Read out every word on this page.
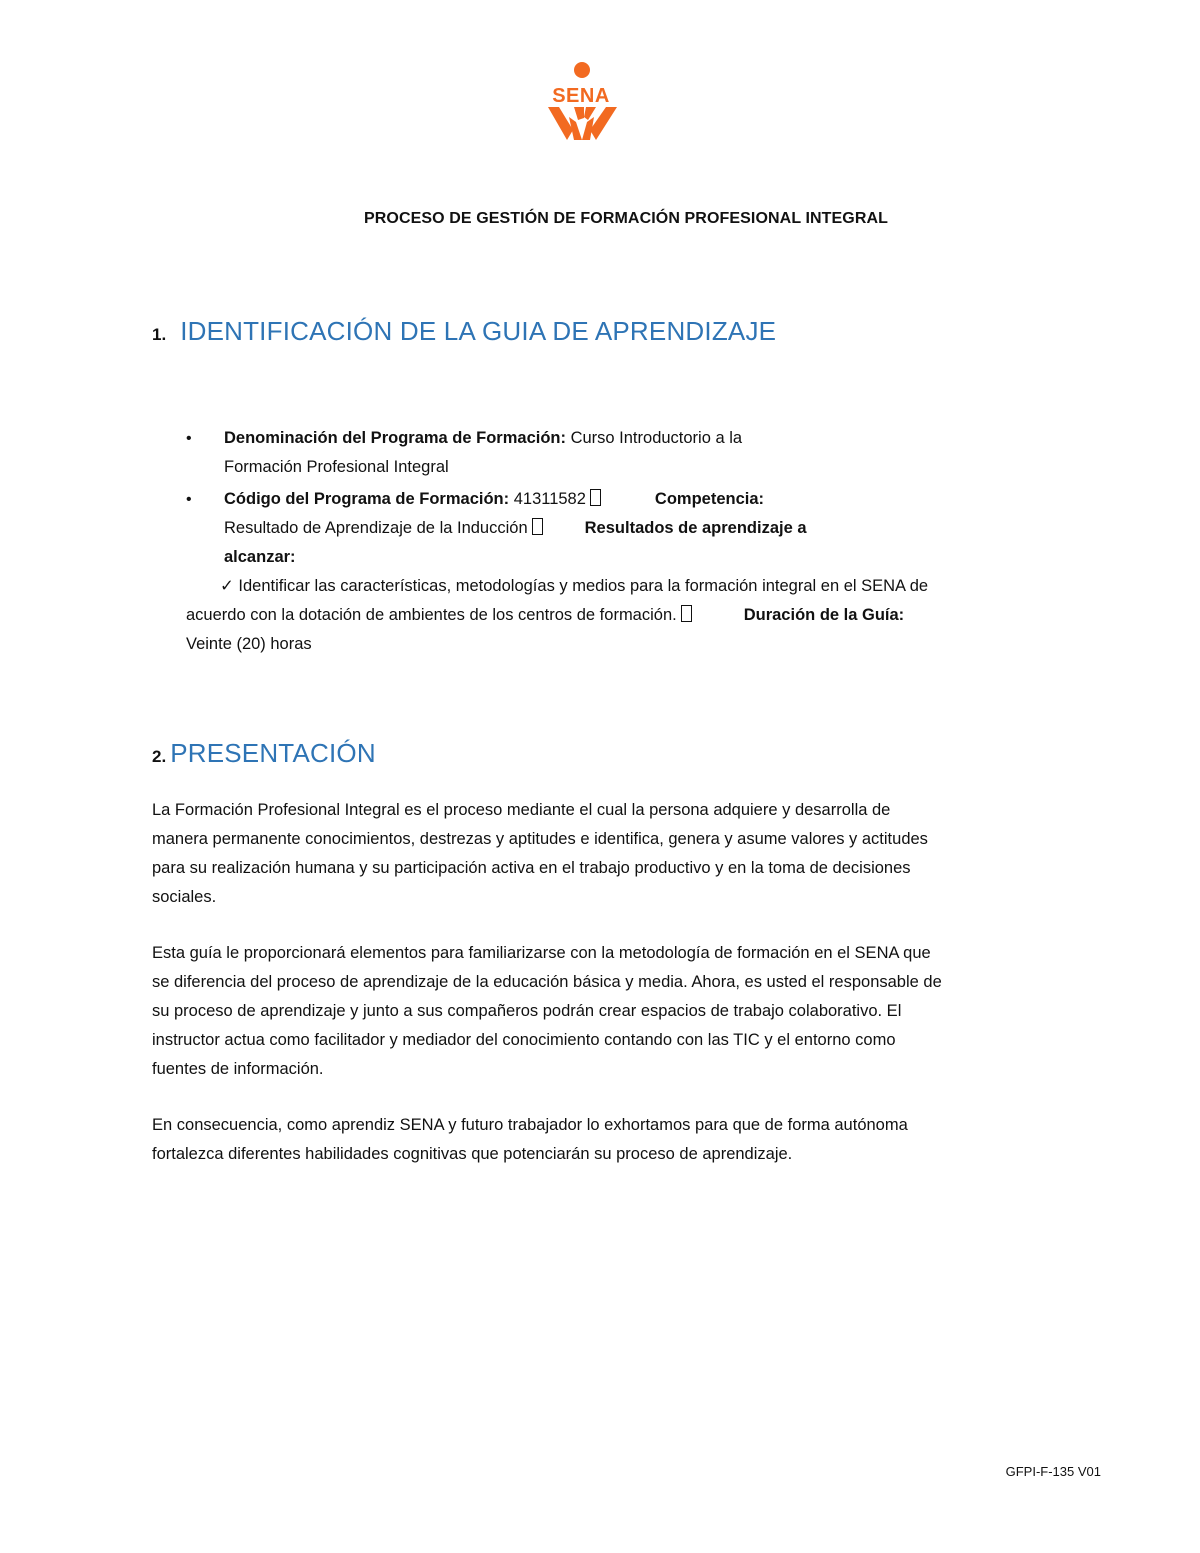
SENA
PROCESO DE GESTIÓN DE FORMACIÓN PROFESIONAL INTEGRAL
1. IDENTIFICACIÓN DE LA GUIA DE APRENDIZAJE
• Denominación del Programa de Formación: Curso Introductorio a la
Formación Profesional Integral
• Código del Programa de Formación: 41311582	Competencia:
Resultado de Aprendizaje de la Inducción	Resultados de aprendizaje a
alcanzar:
✓ Identificar las características, metodologías y medios para la formación integral en el SENA de
acuerdo con la dotación de ambientes de los centros de formación.	Duración de la Guía:
Veinte (20) horas
2. PRESENTACIÓN

La Formación Profesional Integral es el proceso mediante el cual la persona adquiere y desarrolla de
manera permanente conocimientos, destrezas y aptitudes e identifica, genera y asume valores y actitudes
para su realización humana y su participación activa en el trabajo productivo y en la toma de decisiones
sociales.

Esta guía le proporcionará elementos para familiarizarse con la metodología de formación en el SENA que
se diferencia del proceso de aprendizaje de la educación básica y media. Ahora, es usted el responsable de
su proceso de aprendizaje y junto a sus compañeros podrán crear espacios de trabajo colaborativo. El
instructor actua como facilitador y mediador del conocimiento contando con las TIC y el entorno como
fuentes de información.

En consecuencia, como aprendiz SENA y futuro trabajador lo exhortamos para que de forma autónoma
fortalezca diferentes habilidades cognitivas que potenciarán su proceso de aprendizaje.

GFPI-F-135 V01
